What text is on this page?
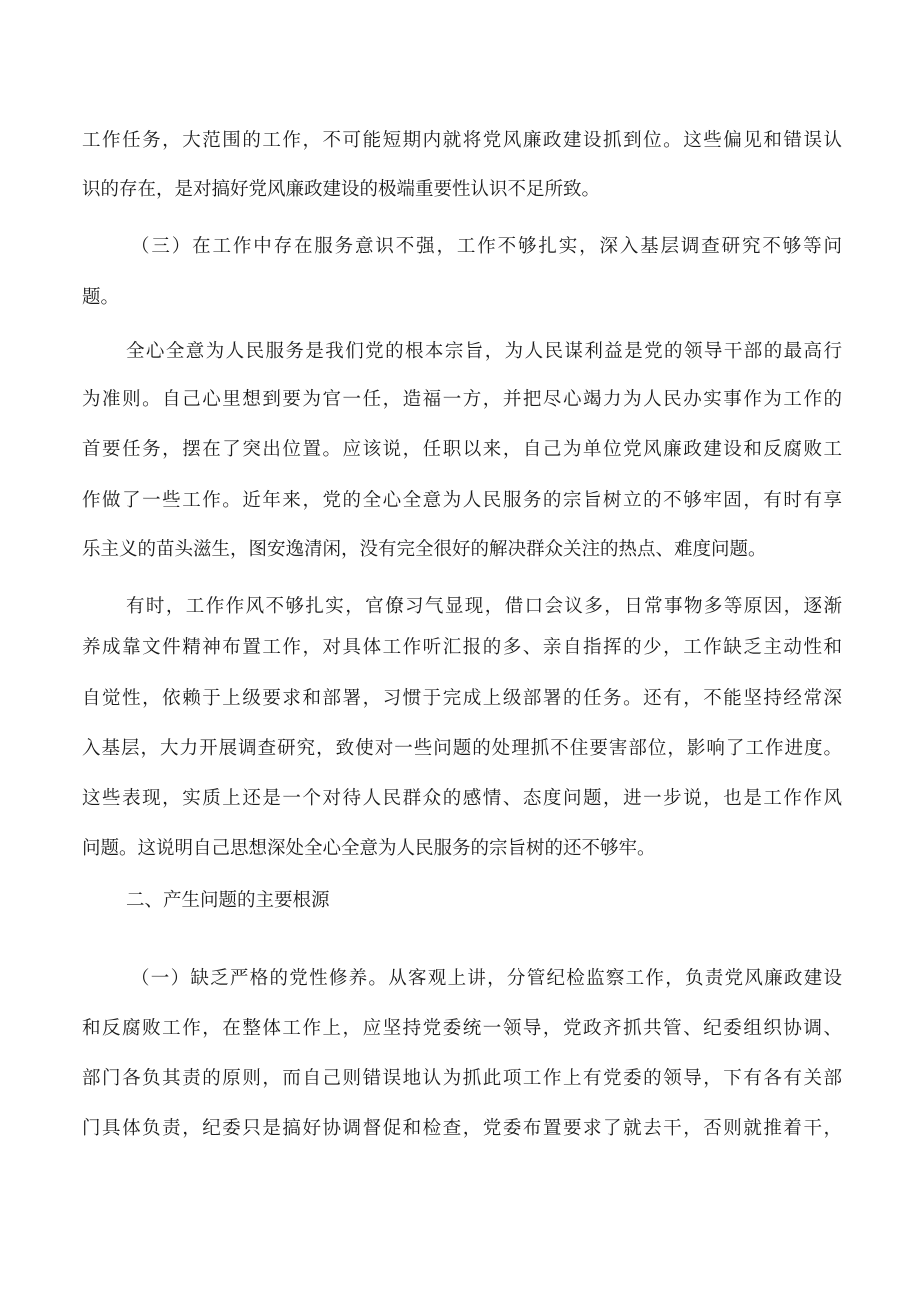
工作任务，大范围的工作，不可能短期内就将党风廉政建设抓到位。这些偏见和错误认
识的存在，是对搞好党风廉政建设的极端重要性认识不足所致。
（三）在工作中存在服务意识不强，工作不够扎实，深入基层调查研究不够等问
题。
全心全意为人民服务是我们党的根本宗旨，为人民谋利益是党的领导干部的最高行
为准则。自己心里想到要为官一任，造福一方，并把尽心竭力为人民办实事作为工作的
首要任务，摆在了突出位置。应该说，任职以来，自己为单位党风廉政建设和反腐败工
作做了一些工作。近年来，党的全心全意为人民服务的宗旨树立的不够牢固，有时有享
乐主义的苗头滋生，图安逸清闲，没有完全很好的解决群众关注的热点、难度问题。
有时，工作作风不够扎实，官僚习气显现，借口会议多，日常事物多等原因，逐渐
养成靠文件精神布置工作，对具体工作听汇报的多、亲自指挥的少，工作缺乏主动性和
自觉性，依赖于上级要求和部署，习惯于完成上级部署的任务。还有，不能坚持经常深
入基层，大力开展调查研究，致使对一些问题的处理抓不住要害部位，影响了工作进度。
这些表现，实质上还是一个对待人民群众的感情、态度问题，进一步说，也是工作作风
问题。这说明自己思想深处全心全意为人民服务的宗旨树的还不够牢。
二、产生问题的主要根源
（一）缺乏严格的党性修养。从客观上讲，分管纪检监察工作，负责党风廉政建设
和反腐败工作，在整体工作上，应坚持党委统一领导，党政齐抓共管、纪委组织协调、
部门各负其责的原则，而自己则错误地认为抓此项工作上有党委的领导，下有各有关部
门具体负责，纪委只是搞好协调督促和检查，党委布置要求了就去干，否则就推着干，
